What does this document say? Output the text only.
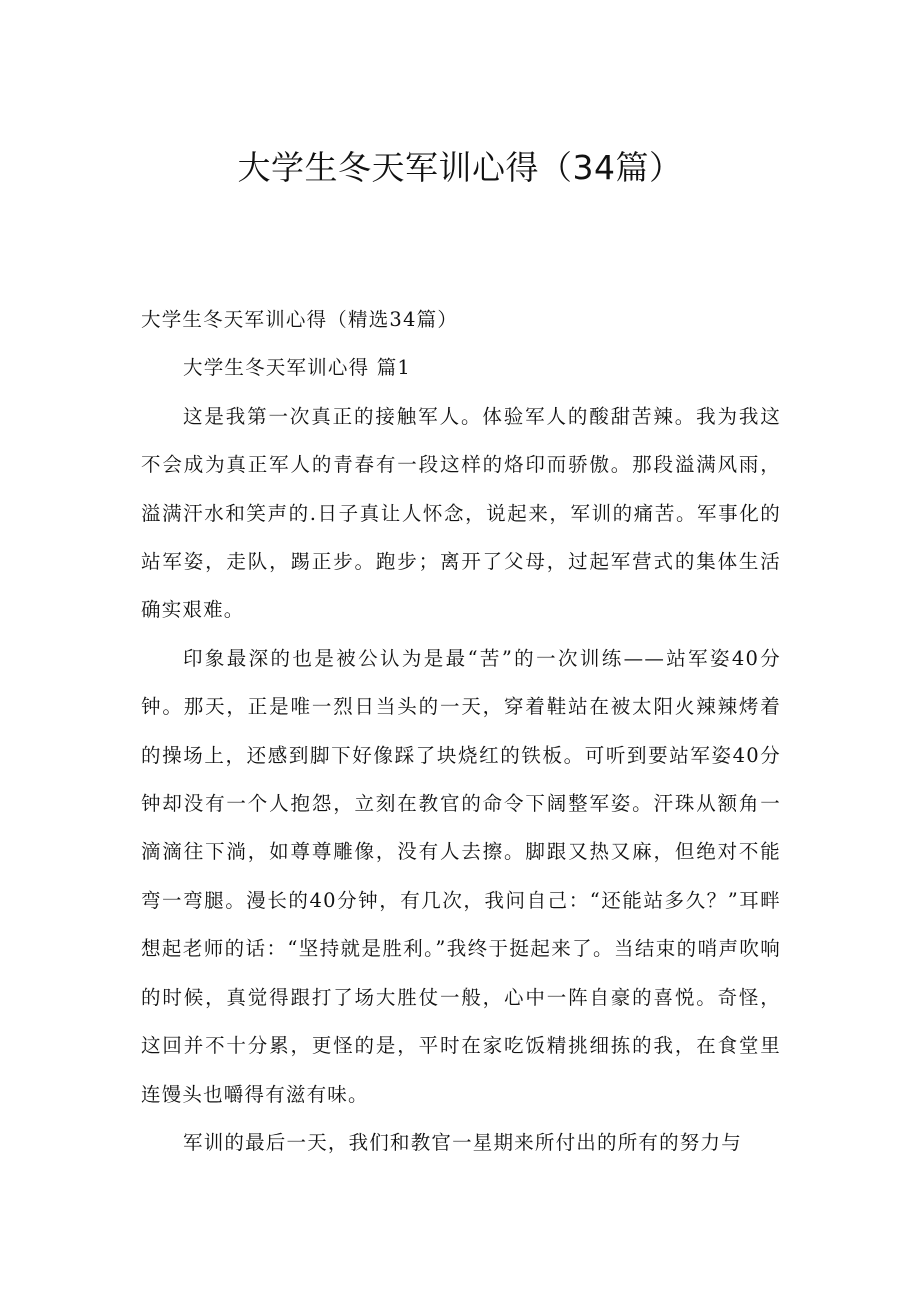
大学生冬天军训心得（34篇）

大学生冬天军训心得（精选34篇）

大学生冬天军训心得 篇1

这是我第一次真正的接触军人。体验军人的酸甜苦辣。我为我这不会成为真正军人的青春有一段这样的烙印而骄傲。那段溢满风雨，溢满汗水和笑声的.日子真让人怀念，说起来，军训的痛苦。军事化的站军姿，走队，踢正步。跑步；离开了父母，过起军营式的集体生活确实艰难。

印象最深的也是被公认为是最“苦”的一次训练——站军姿40分钟。那天，正是唯一烈日当头的一天，穿着鞋站在被太阳火辣辣烤着的操场上，还感到脚下好像踩了块烧红的铁板。可听到要站军姿40分钟却没有一个人抱怨，立刻在教官的命令下阔整军姿。汗珠从额角一滴滴往下淌，如尊尊雕像，没有人去擦。脚跟又热又麻，但绝对不能弯一弯腿。漫长的40分钟，有几次，我问自己：“还能站多久？”耳畔想起老师的话：“坚持就是胜利。”我终于挺起来了。当结束的哨声吹响的时候，真觉得跟打了场大胜仗一般，心中一阵自豪的喜悦。奇怪，这回并不十分累，更怪的是，平时在家吃饭精挑细拣的我，在食堂里连馒头也嚼得有滋有味。

军训的最后一天，我们和教官一星期来所付出的所有的努力与
